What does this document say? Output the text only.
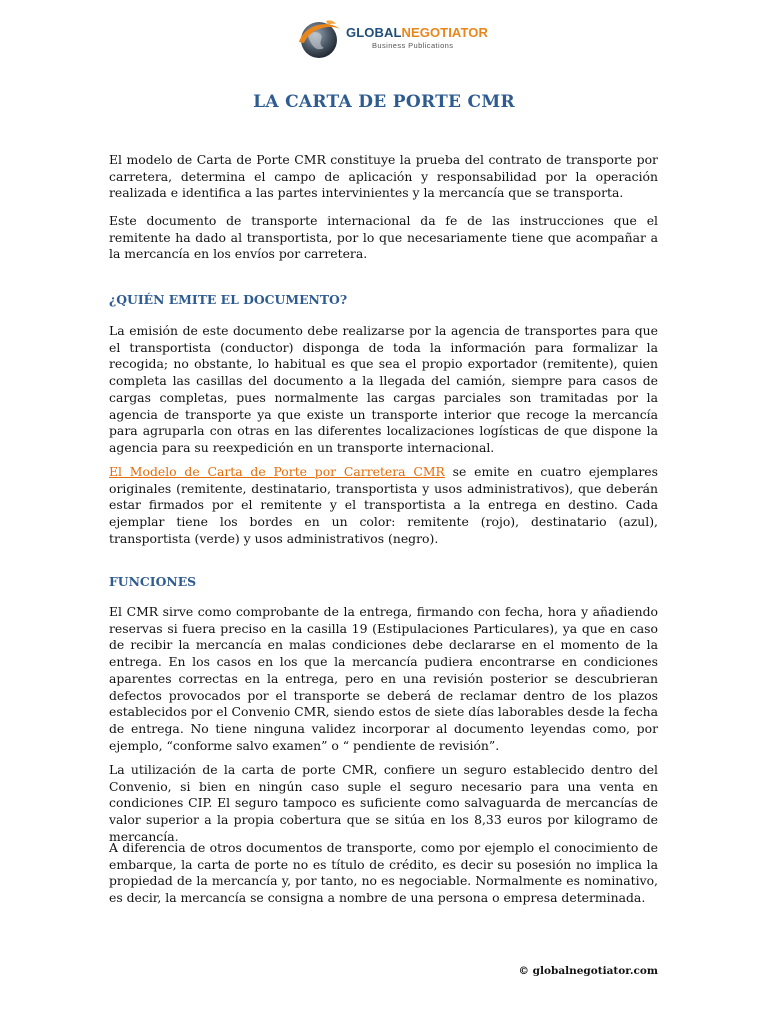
GLOBALNEGOTIATOR
Business Publications
LA CARTA DE PORTE CMR

El modelo de Carta de Porte CMR constituye la prueba del contrato de transporte por carretera, determina el campo de aplicación y responsabilidad por la operación realizada e identifica a las partes intervinientes y la mercancía que se transporta.

Este documento de transporte internacional da fe de las instrucciones que el remitente ha dado al transportista, por lo que necesariamente tiene que acompañar a la mercancía en los envíos por carretera.

¿QUIÉN EMITE EL DOCUMENTO?

La emisión de este documento debe realizarse por la agencia de transportes para que el transportista (conductor) disponga de toda la información para formalizar la recogida; no obstante, lo habitual es que sea el propio exportador (remitente), quien completa las casillas del documento a la llegada del camión, siempre para casos de cargas completas, pues normalmente las cargas parciales son tramitadas por la agencia de transporte ya que existe un transporte interior que recoge la mercancía para agruparla con otras en las diferentes localizaciones logísticas de que dispone la agencia para su reexpedición en un transporte internacional.

El Modelo de Carta de Porte por Carretera CMR se emite en cuatro ejemplares originales (remitente, destinatario, transportista y usos administrativos), que deberán estar firmados por el remitente y el transportista a la entrega en destino. Cada ejemplar tiene los bordes en un color: remitente (rojo), destinatario (azul), transportista (verde) y usos administrativos (negro).

FUNCIONES

El CMR sirve como comprobante de la entrega, firmando con fecha, hora y añadiendo reservas si fuera preciso en la casilla 19 (Estipulaciones Particulares), ya que en caso de recibir la mercancía en malas condiciones debe declararse en el momento de la entrega. En los casos en los que la mercancía pudiera encontrarse en condiciones aparentes correctas en la entrega, pero en una revisión posterior se descubrieran defectos provocados por el transporte se deberá de reclamar dentro de los plazos establecidos por el Convenio CMR, siendo estos de siete días laborables desde la fecha de entrega. No tiene ninguna validez incorporar al documento leyendas como, por ejemplo, “conforme salvo examen” o “ pendiente de revisión”.

La utilización de la carta de porte CMR, confiere un seguro establecido dentro del Convenio, si bien en ningún caso suple el seguro necesario para una venta en condiciones CIP. El seguro tampoco es suficiente como salvaguarda de mercancías de valor superior a la propia cobertura que se sitúa en los 8,33 euros por kilogramo de mercancía.

A diferencia de otros documentos de transporte, como por ejemplo el conocimiento de embarque, la carta de porte no es título de crédito, es decir su posesión no implica la propiedad de la mercancía y, por tanto, no es negociable. Normalmente es nominativo, es decir, la mercancía se consigna a nombre de una persona o empresa determinada.

© globalnegotiator.com
